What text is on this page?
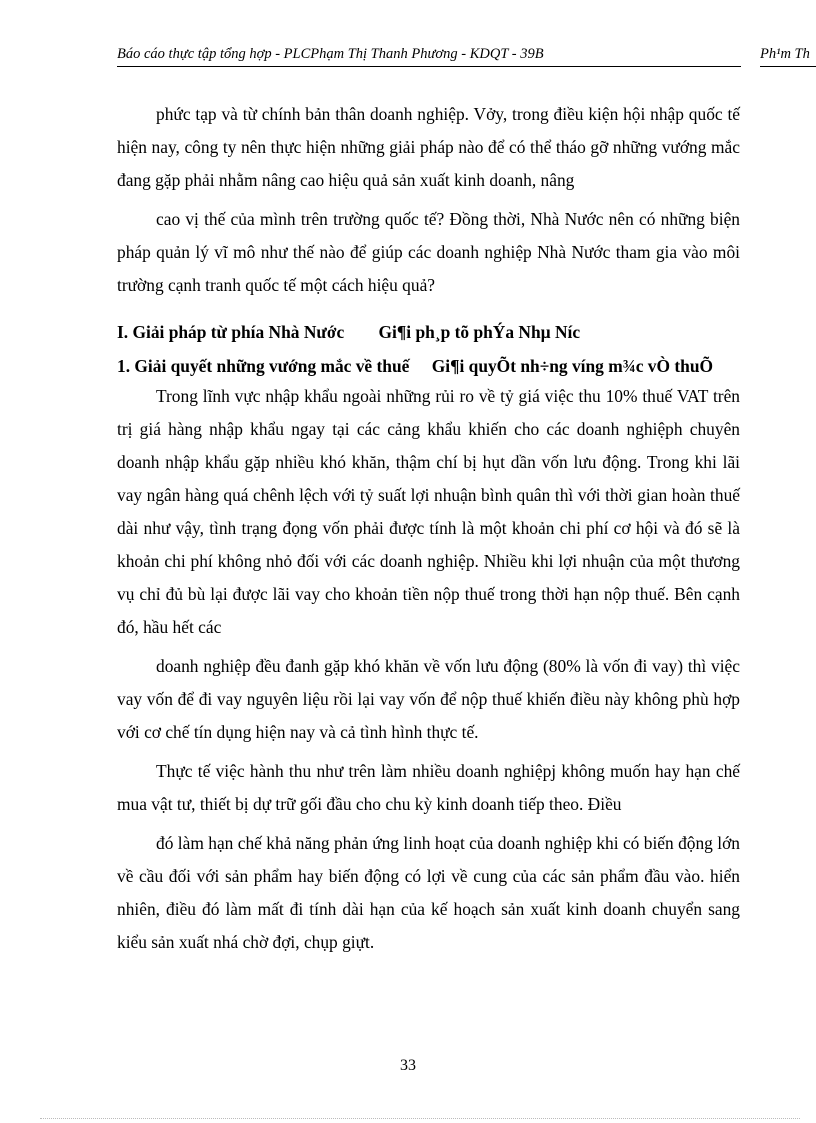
Báo cáo thực tập tổng hợp - PLCPhạm Thị Thanh Phương - KDQT - 39B	Ph¹m Th

phức tạp và từ chính bản thân doanh nghiệp. Vởy, trong điều kiện hội nhập quốc tế hiện nay, công ty nên thực hiện những giải pháp nào để có thể tháo gỡ những vướng mắc đang gặp phải nhằm nâng cao hiệu quả sản xuất kinh doanh, nâng

cao vị thế của mình trên trường quốc tế? Đồng thời, Nhà Nước nên có những biện pháp quản lý vĩ mô như thế nào để giúp các doanh nghiệp Nhà Nước tham gia vào môi trường cạnh tranh quốc tế một cách hiệu quả?

I. Giải pháp từ phía Nhà Nước Gi¶i ph¸p tõ phÝa Nhµ Níc
1. Giải quyết những vướng mắc về thuế Gi¶i quyÕt nh÷ng víng m¾c vÒ thuÕ

Trong lĩnh vực nhập khẩu ngoài những rủi ro về tỷ giá việc thu 10% thuế VAT trên trị giá hàng nhập khẩu ngay tại các cảng khẩu khiến cho các doanh nghiệph chuyên doanh nhập khẩu gặp nhiều khó khăn, thậm chí bị hụt dần vốn lưu động. Trong khi lãi vay ngân hàng quá chênh lệch với tỷ suất lợi nhuận bình quân thì với thời gian hoàn thuế dài như vậy, tình trạng đọng vốn phải được tính là một khoản chi phí cơ hội và đó sẽ là khoản chi phí không nhỏ đối với các doanh nghiệp. Nhiều khi lợi nhuận của một thương vụ chỉ đủ bù lại được lãi vay cho khoản tiền nộp thuế trong thời hạn nộp thuế. Bên cạnh đó, hầu hết các

doanh nghiệp đều đanh gặp khó khăn về vốn lưu động (80% là vốn đi vay) thì việc vay vốn để đi vay nguyên liệu rồi lại vay vốn để nộp thuế khiến điều này không phù hợp với cơ chế tín dụng hiện nay và cả tình hình thực tế.

Thực tế việc hành thu như trên làm nhiều doanh nghiệpj không muốn hay hạn chế mua vật tư, thiết bị dự trữ gối đầu cho chu kỳ kinh doanh tiếp theo. Điều

đó làm hạn chế khả năng phản ứng linh hoạt của doanh nghiệp khi có biến động lớn về cầu đối với sản phẩm hay biến động có lợi về cung của các sản phẩm đầu vào. hiển nhiên, điều đó làm mất đi tính dài hạn của kế hoạch sản xuất kinh doanh chuyển sang kiểu sản xuất nhá chờ đợi, chụp giựt.

33
